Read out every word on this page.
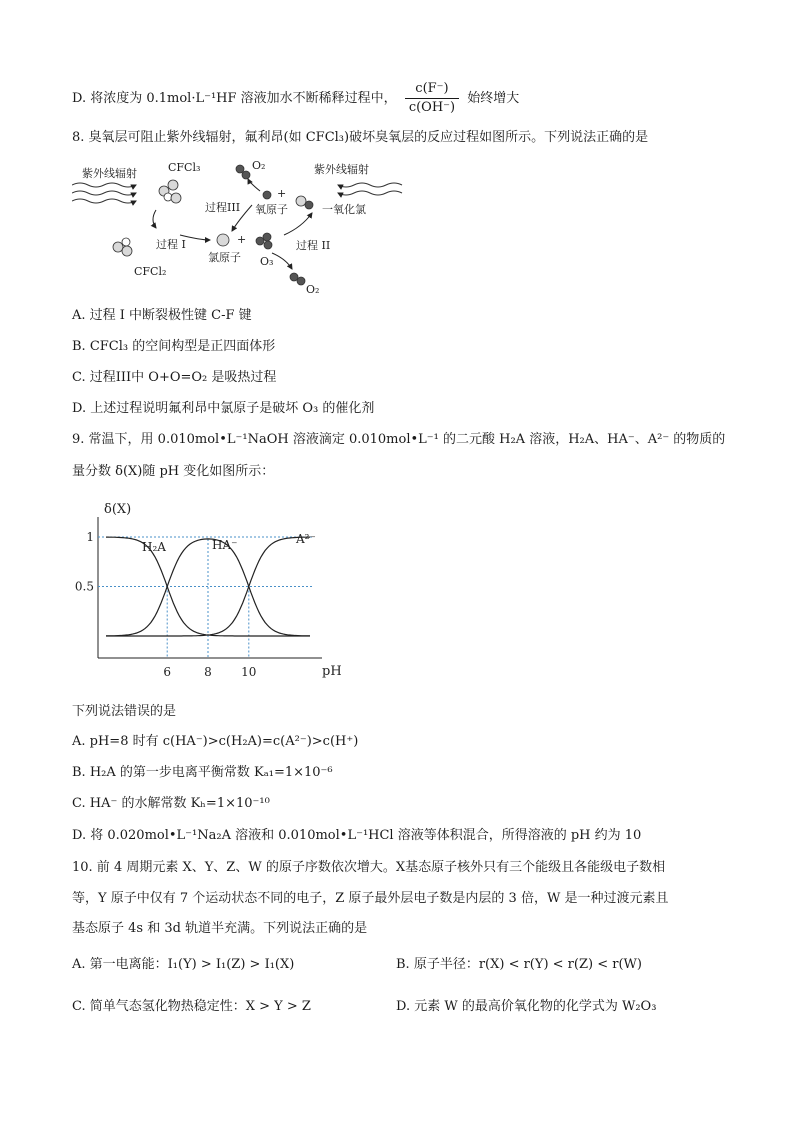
D. 将浓度为 0.1mol·L⁻¹HF 溶液加水不断稀释过程中， $\frac{c(F^-)}{c(OH^-)}$ 始终增大
8. 臭氧层可阻止紫外线辐射，氟利昂(如 CFCl₃)破坏臭氧层的反应过程如图所示。下列说法正确的是
紫外线辐射	CFCl₃
CFCl₂
过程 I	+
氯原子 O₃
O₂
过程 II
紫外线辐射
一氧化氯
+
氧原子
O₂
过程III
A. 过程 I 中断裂极性键 C-F 键
B. CFCl₃ 的空间构型是正四面体形
C. 过程III中 O+O=O₂ 是吸热过程
D. 上述过程说明氟利昂中氯原子是破坏 O₃ 的催化剂
9. 常温下，用 0.010mol•L⁻¹NaOH 溶液滴定 0.010mol•L⁻¹ 的二元酸 H₂A 溶液，H₂A、HA⁻、A²⁻ 的物质的
量分数 δ(X)随 pH 变化如图所示：
δ(X)
pH
6	8 10
1
0.5
H₂A	HA⁻	A²⁻
下列说法错误的是
A. pH=8 时有 c(HA⁻)>c(H₂A)=c(A²⁻)>c(H⁺)
B. H₂A 的第一步电离平衡常数 Kₐ₁=1×10⁻⁶
C. HA⁻ 的水解常数 Kₕ=1×10⁻¹⁰
D. 将 0.020mol•L⁻¹Na₂A 溶液和 0.010mol•L⁻¹HCl 溶液等体积混合，所得溶液的 pH 约为 10
10. 前 4 周期元素 X、Y、Z、W 的原子序数依次增大。X基态原子核外只有三个能级且各能级电子数相
等，Y 原子中仅有 7 个运动状态不同的电子，Z 原子最外层电子数是内层的 3 倍，W 是一种过渡元素且
基态原子 4s 和 3d 轨道半充满。下列说法正确的是
A. 第一电离能：I₁(Y) > I₁(Z) > I₁(X)	B. 原子半径：r(X) < r(Y) < r(Z) < r(W)
C. 简单气态氢化物热稳定性：X > Y > Z	D. 元素 W 的最高价氧化物的化学式为 W₂O₃
